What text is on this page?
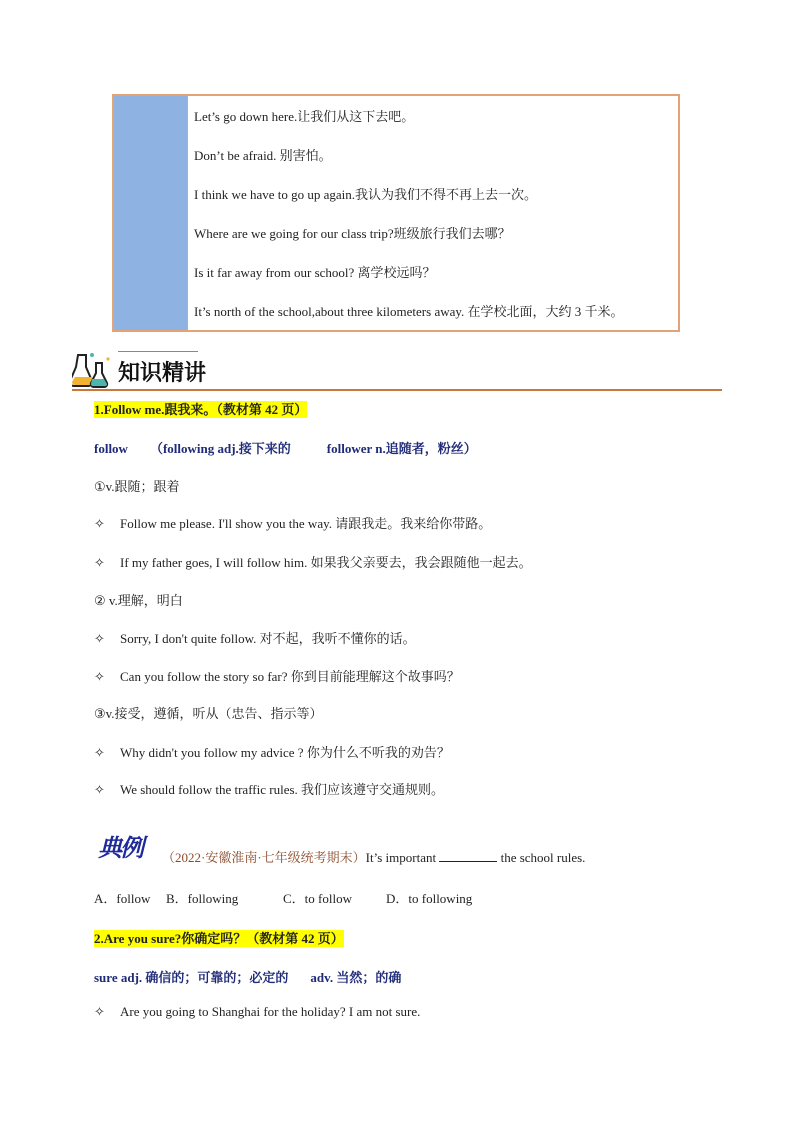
Let’s go down here.让我们从这下去吧。
Don’t be afraid. 别害怕。
I think we have to go up again.我认为我们不得不再上去一次。
Where are we going for our class trip?班级旅行我们去哪？
Is it far away from our school? 离学校远吗？
It’s north of the school,about three kilometers away. 在学校北面，大约 3 千米。
知识精讲
1.Follow me.跟我来。（教材第 42 页）
follow （following adj.接下来的	follower n.追随者，粉丝）
①v.跟随；跟着
✧ Follow me please. I'll show you the way. 请跟我走。我来给你带路。
✧ If my father goes, I will follow him. 如果我父亲要去，我会跟随他一起去。
② v.理解，明白
✧ Sorry, I don't quite follow. 对不起，我听不懂你的话。
✧ Can you follow the story so far? 你到目前能理解这个故事吗？
③v.接受，遵循，听从（忠告、指示等）
✧ Why didn't you follow my advice ? 你为什么不听我的劝告？
✧ We should follow the traffic rules. 我们应该遵守交通规则。
典例	（2022·安徽淮南·七年级统考期末）It’s important	the school rules.
A．follow B．following	C．to follow	D．to following
2.Are you sure?你确定吗？（教材第 42 页）
sure adj. 确信的；可靠的；必定的 adv. 当然；的确
✧ Are you going to Shanghai for the holiday? I am not sure.
